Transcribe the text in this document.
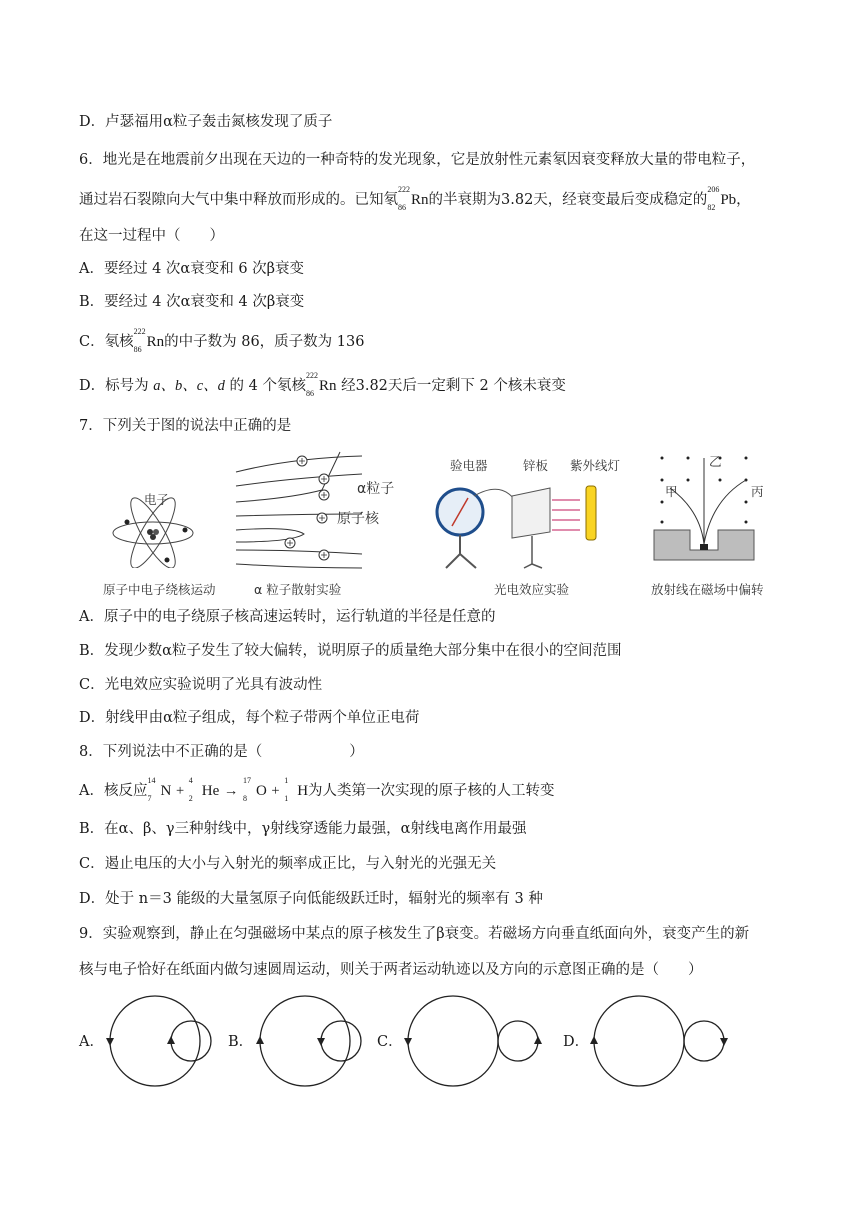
D．卢瑟福用α粒子轰击氮核发现了质子
6．地光是在地震前夕出现在天边的一种奇特的发光现象，它是放射性元素氡因衰变释放大量的带电粒子，
通过岩石裂隙向大气中集中释放而形成的。已知氡
222
86 Rn的半衰期为3.82天，经衰变最后变成稳定的
206
82 Pb，
在这一过程中（　　）
A．要经过 4 次α衰变和 6 次β衰变
B．要经过 4 次α衰变和 4 次β衰变
C．氡核
222
86 Rn的中子数为 86，质子数为 136
D．标号为 a、b、c、d 的 4 个氡核
222
86 Rn 经3.82天后一定剩下 2 个核未衰变
7．下列关于图的说法中正确的是
电子
原子中电子绕核运动
α粒子
原子核
α 粒子散射实验
验电器	锌板 紫外线灯
光电效应实验
甲
乙
丙
放射线在磁场中偏转
A．原子中的电子绕原子核高速运转时，运行轨道的半径是任意的
B．发现少数α粒子发生了较大偏转，说明原子的质量绝大部分集中在很小的空间范围
C．光电效应实验说明了光具有波动性
D．射线甲由α粒子组成，每个粒子带两个单位正电荷
8．下列说法中不正确的是（　　　　　　）
A．核反应
14
7 N +
4
2 He →
17
8 O +
1
1 H为人类第一次实现的原子核的人工转变
B．在α、β、γ三种射线中，γ射线穿透能力最强，α射线电离作用最强
C．遏止电压的大小与入射光的频率成正比，与入射光的光强无关
D．处于 n＝3 能级的大量氢原子向低能级跃迁时，辐射光的频率有 3 种
9．实验观察到，静止在匀强磁场中某点的原子核发生了β衰变。若磁场方向垂直纸面向外，衰变产生的新
核与电子恰好在纸面内做匀速圆周运动，则关于两者运动轨迹以及方向的示意图正确的是（　　）
A．	B．	C．	D．
